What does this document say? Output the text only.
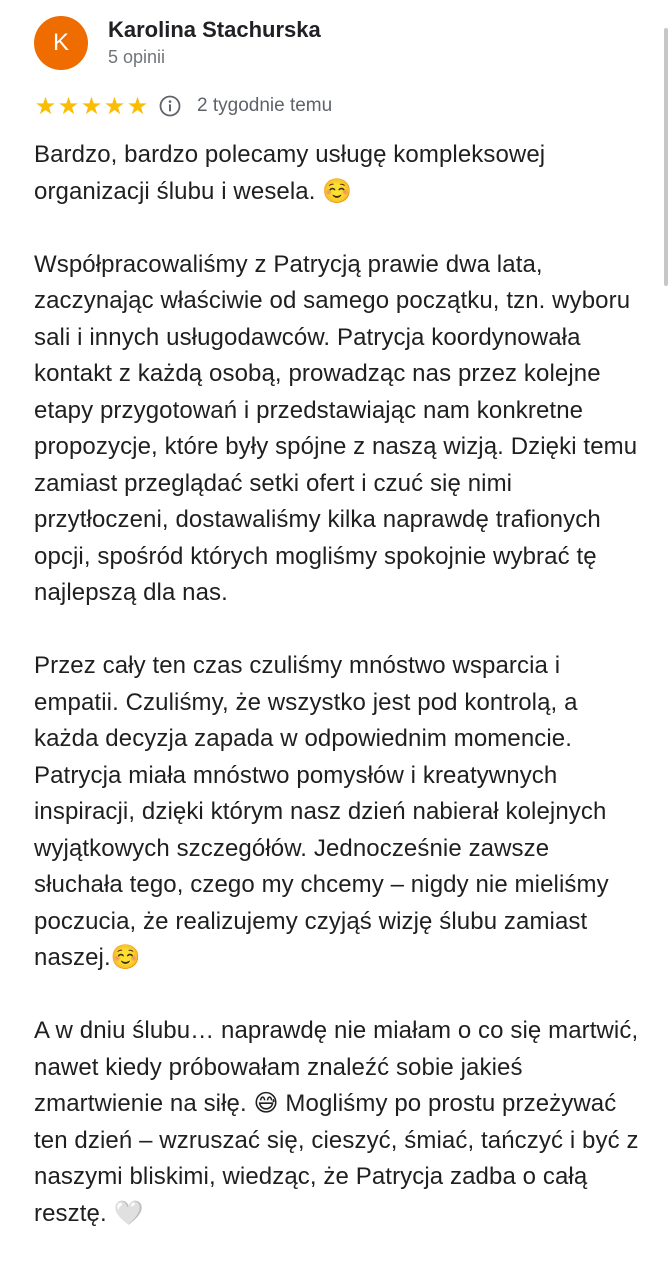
K Karolina Stachurska
5 opinii
★ ★ ★ ★ ★	2 tygodnie temu

Bardzo, bardzo polecamy usługę kompleksowej organizacji ślubu i wesela. ☺️

Współpracowaliśmy z Patrycją prawie dwa lata, zaczynając właściwie od samego początku, tzn. wyboru sali i innych usługodawców. Patrycja koordynowała kontakt z każdą osobą, prowadząc nas przez kolejne etapy przygotowań i przedstawiając nam konkretne propozycje, które były spójne z naszą wizją. Dzięki temu zamiast przeglądać setki ofert i czuć się nimi przytłoczeni, dostawaliśmy kilka naprawdę trafionych opcji, spośród których mogliśmy spokojnie wybrać tę najlepszą dla nas.

Przez cały ten czas czuliśmy mnóstwo wsparcia i empatii. Czuliśmy, że wszystko jest pod kontrolą, a każda decyzja zapada w odpowiednim momencie. Patrycja miała mnóstwo pomysłów i kreatywnych inspiracji, dzięki którym nasz dzień nabierał kolejnych wyjątkowych szczegółów. Jednocześnie zawsze słuchała tego, czego my chcemy – nigdy nie mieliśmy poczucia, że realizujemy czyjąś wizję ślubu zamiast naszej.☺️

A w dniu ślubu… naprawdę nie miałam o co się martwić, nawet kiedy próbowałam znaleźć sobie jakieś zmartwienie na siłę. 😅 Mogliśmy po prostu przeżywać ten dzień – wzruszać się, cieszyć, śmiać, tańczyć i być z naszymi bliskimi, wiedząc, że Patrycja zadba o całą resztę. 🤍
